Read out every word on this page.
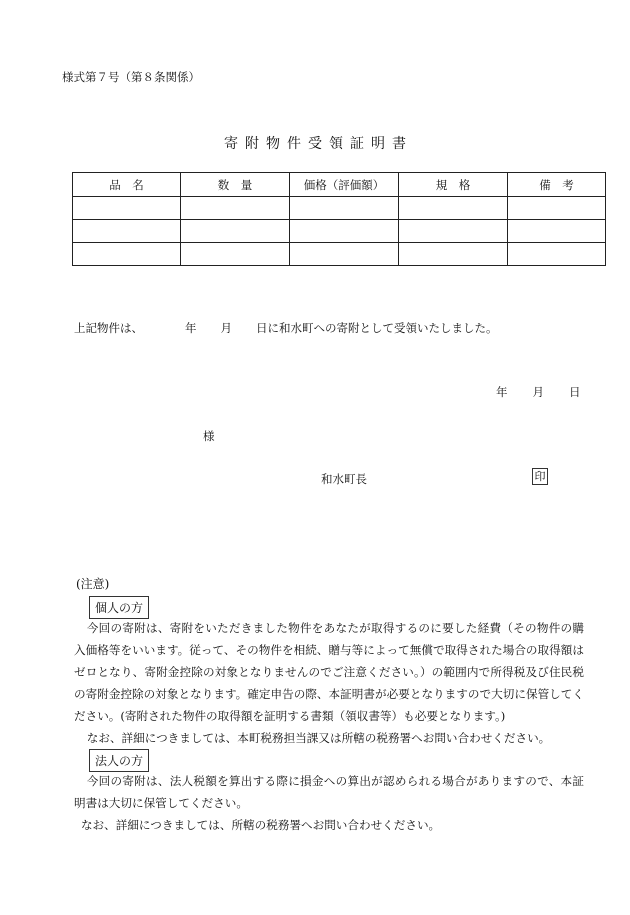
様式第７号（第８条関係）
寄附物件受領証明書
品　名	数　量	価格（評価額）	規　格	備　考

上記物件は、	年 月 日に和水町への寄附として受領いたしました。
年 月 日
様
和水町長	印
(注意)
個人の方
今回の寄附は、寄附をいただきました物件をあなたが取得するのに要した経費（その物件の購入価格等をいいます。従って、その物件を相続、贈与等によって無償で取得された場合の取得額はゼロとなり、寄附金控除の対象となりませんのでご注意ください。）の範囲内で所得税及び住民税の寄附金控除の対象となります。確定申告の際、本証明書が必要となりますので大切に保管してください。(寄附された物件の取得額を証明する書類（領収書等）も必要となります。)
なお、詳細につきましては、本町税務担当課又は所轄の税務署へお問い合わせください。
法人の方
今回の寄附は、法人税額を算出する際に損金への算出が認められる場合がありますので、本証明書は大切に保管してください。
なお、詳細につきましては、所轄の税務署へお問い合わせください。
